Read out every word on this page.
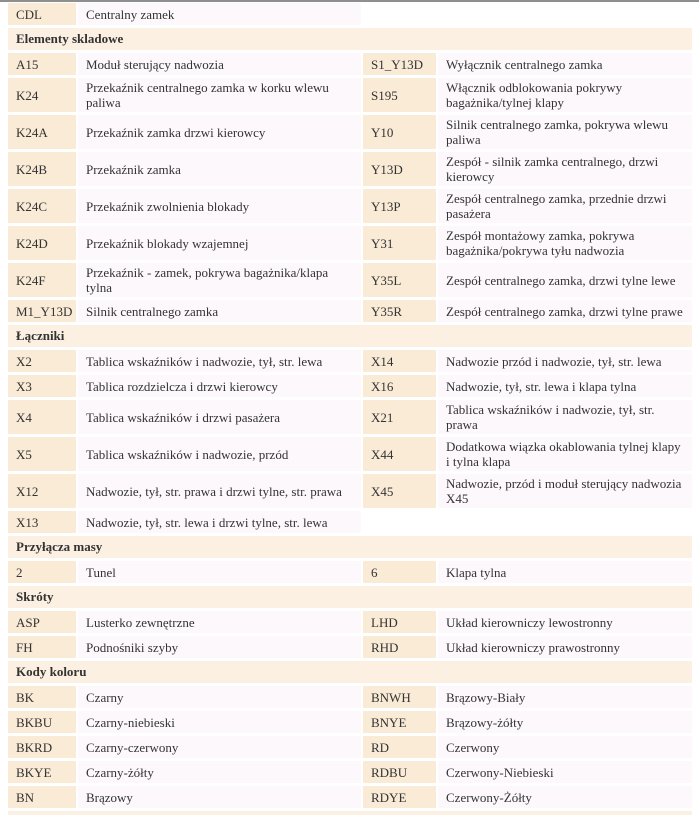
CDL	Centralny zamek
Elementy skladowe
A15	Moduł sterujący nadwozia	S1_Y13D	Wyłącznik centralnego zamka
K24	Przekaźnik centralnego zamka w korku wlewu paliwa	S195	Włącznik odblokowania pokrywy bagażnika/tylnej klapy
K24A	Przekaźnik zamka drzwi kierowcy	Y10	Silnik centralnego zamka, pokrywa wlewu paliwa
K24B	Przekaźnik zamka	Y13D	Zespół - silnik zamka centralnego, drzwi kierowcy
K24C	Przekaźnik zwolnienia blokady	Y13P	Zespół centralnego zamka, przednie drzwi pasażera
K24D	Przekaźnik blokady wzajemnej	Y31	Zespół montażowy zamka, pokrywa bagażnika/pokrywa tyłu nadwozia
K24F	Przekaźnik - zamek, pokrywa bagażnika/klapa tylna	Y35L	Zespół centralnego zamka, drzwi tylne lewe
M1_Y13D	Silnik centralnego zamka	Y35R	Zespół centralnego zamka, drzwi tylne prawe
Łączniki
X2	Tablica wskaźników i nadwozie, tył, str. lewa	X14	Nadwozie przód i nadwozie, tył, str. lewa
X3	Tablica rozdzielcza i drzwi kierowcy	X16	Nadwozie, tył, str. lewa i klapa tylna
X4	Tablica wskaźników i drzwi pasażera	X21	Tablica wskaźników i nadwozie, tył, str. prawa
X5	Tablica wskaźników i nadwozie, przód	X44	Dodatkowa wiązka okablowania tylnej klapy i tylna klapa
X12	Nadwozie, tył, str. prawa i drzwi tylne, str. prawa	X45	Nadwozie, przód i moduł sterujący nadwozia X45
X13	Nadwozie, tył, str. lewa i drzwi tylne, str. lewa
Przyłącza masy
2	Tunel	6	Klapa tylna
Skróty
ASP	Lusterko zewnętrzne	LHD	Układ kierowniczy lewostronny
FH	Podnośniki szyby	RHD	Układ kierowniczy prawostronny
Kody koloru
BK	Czarny	BNWH	Brązowy-Biały
BKBU	Czarny-niebieski	BNYE	Brązowy-żółty
BKRD	Czarny-czerwony	RD	Czerwony
BKYE	Czarny-żółty	RDBU	Czerwony-Niebieski
BN	Brązowy	RDYE	Czerwony-Żółty
